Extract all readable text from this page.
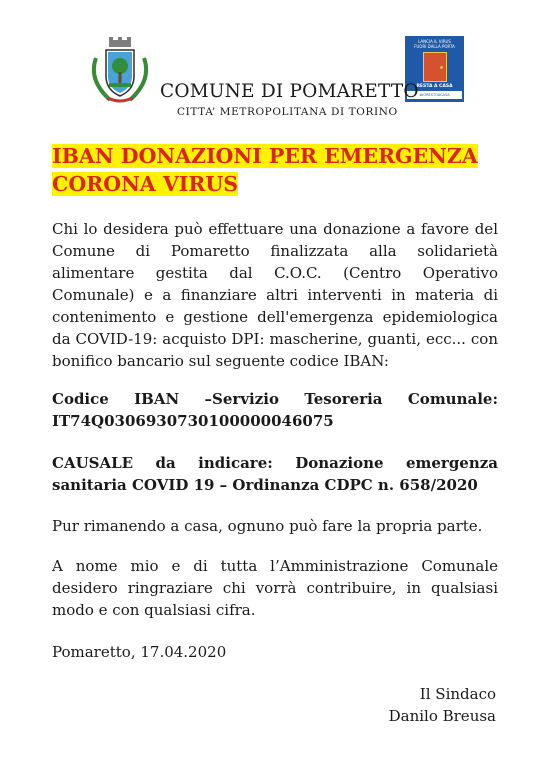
LANCIA IL VIRUS
FUORI DALLA PORTA
RESTA A CASA
#IORESTOACASA
COMUNE DI POMARETTO
CITTA’ METROPOLITANA DI TORINO
IBAN DONAZIONI PER EMERGENZA
CORONA VIRUS
Chi lo desidera può effettuare una donazione a favore del Comune di Pomaretto finalizzata alla solidarietà alimentare gestita dal C.O.C. (Centro Operativo Comunale) e a finanziare altri interventi in materia di contenimento e gestione dell'emergenza epidemiologica da COVID-19: acquisto DPI: mascherine, guanti, ecc... con bonifico bancario sul seguente codice IBAN:
Codice IBAN –Servizio Tesoreria Comunale: IT74Q0306930730100000046075
CAUSALE da indicare: Donazione emergenza sanitaria COVID 19 – Ordinanza CDPC n. 658/2020
Pur rimanendo a casa, ognuno può fare la propria parte.
A nome mio e di tutta l’Amministrazione Comunale desidero ringraziare chi vorrà contribuire, in qualsiasi modo e con qualsiasi cifra.
Pomaretto, 17.04.2020
Il Sindaco
Danilo Breusa
